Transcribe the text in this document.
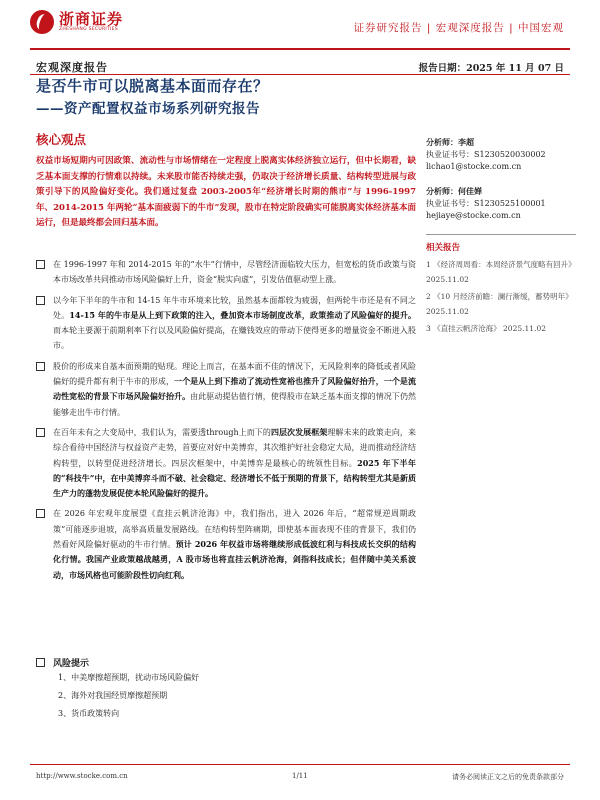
浙商证券
ZHESHANG SECURITIES	证券研究报告 | 宏观深度报告 | 中国宏观
宏观深度报告	报告日期：2025 年 11 月 07 日
是否牛市可以脱离基本面而存在？
——资产配置权益市场系列研究报告
核心观点
权益市场短期内可因政策、流动性与市场情绪在一定程度上脱离实体经济独立运行，但中长期看，缺乏基本面支撑的行情难以持续。未来股市能否持续走强，仍取决于经济增长质量、结构转型进展与政策引导下的风险偏好变化。我们通过复盘 2003-2005年“经济增长时期的熊市”与 1996-1997 年、2014-2015 年两轮“基本面疲弱下的牛市”发现，股市在特定阶段确实可能脱离实体经济基本面运行，但是最终都会回归基本面。

在 1996-1997 年和 2014-2015 年的“水牛”行情中，尽管经济面临较大压力，但宽松的货币政策与资本市场改革共同推动市场风险偏好上升，资金“脱实向虚”，引发估值驱动型上涨。

以今年下半年的牛市和 14-15 年牛市环境来比较，虽然基本面都较为疲弱，但两轮牛市还是有不同之处。14-15 年的牛市是从上到下政策的注入，叠加资本市场制度改革，政策推动了风险偏好的提升。而本轮主要源于前期利率下行以及风险偏好提高，在赚钱效应的带动下使得更多的增量资金不断进入股市。

股价的形成来自基本面预期的贴现。理论上而言，在基本面不佳的情况下，无风险利率的降低或者风险偏好的提升都有利于牛市的形成，一个是从上到下推动了流动性宽裕也推升了风险偏好抬升，一个是流动性宽松的背景下市场风险偏好抬升。由此驱动提估值行情，使得股市在缺乏基本面支撑的情况下仍然能够走出牛市行情。

在百年未有之大变局中，我们认为，需要透through上而下的四层次发展框架理解未来的政策走向，来综合看待中国经济与权益资产走势，首要应对好中美博弈，其次维护好社会稳定大局，进而推动经济结构转型，以转型促进经济增长。四层次框架中，中美博弈是最核心的统领性目标。2025 年下半年的“科技牛”中，在中美博弈斗而不破、社会稳定、经济增长不低于预期的背景下，结构转型尤其是新质生产力的蓬勃发展促使本轮风险偏好的提升。

在 2026 年宏观年度展望《直挂云帆济沧海》中，我们指出，进入 2026 年后，“超常规逆周期政策”可能逐步退坡，高举高质量发展路线。在结构转型阵痛期，即使基本面表现不佳的背景下，我们仍然看好风险偏好驱动的牛市行情。预计 2026 年权益市场将继续形成低波红利与科技成长交织的结构化行情。我国产业政策越战越勇，A 股市场也将直挂云帆济沧海，剑指科技成长；但伴随中美关系波动，市场风格也可能阶段性切向红利。

风险提示
1、中美摩擦超预期，扰动市场风险偏好
2、海外对我国经贸摩擦超预期
3、货币政策转向
分析师：李超
执业证书号：S1230520030002
lichao1@stocke.com.cn
分析师：何佳婵
执业证书号：S1230525100001
hejiaye@stocke.com.cn
相关报告
1 《经济周周看：本周经济景气度略有回升》 2025.11.02
2 《10 月经济前瞻：澜行渐缓，蓄势明年》 2025.11.02
3 《直挂云帆济沧海》 2025.11.02
http://www.stocke.com.cn	1/11	请务必阅读正文之后的免责条款部分
